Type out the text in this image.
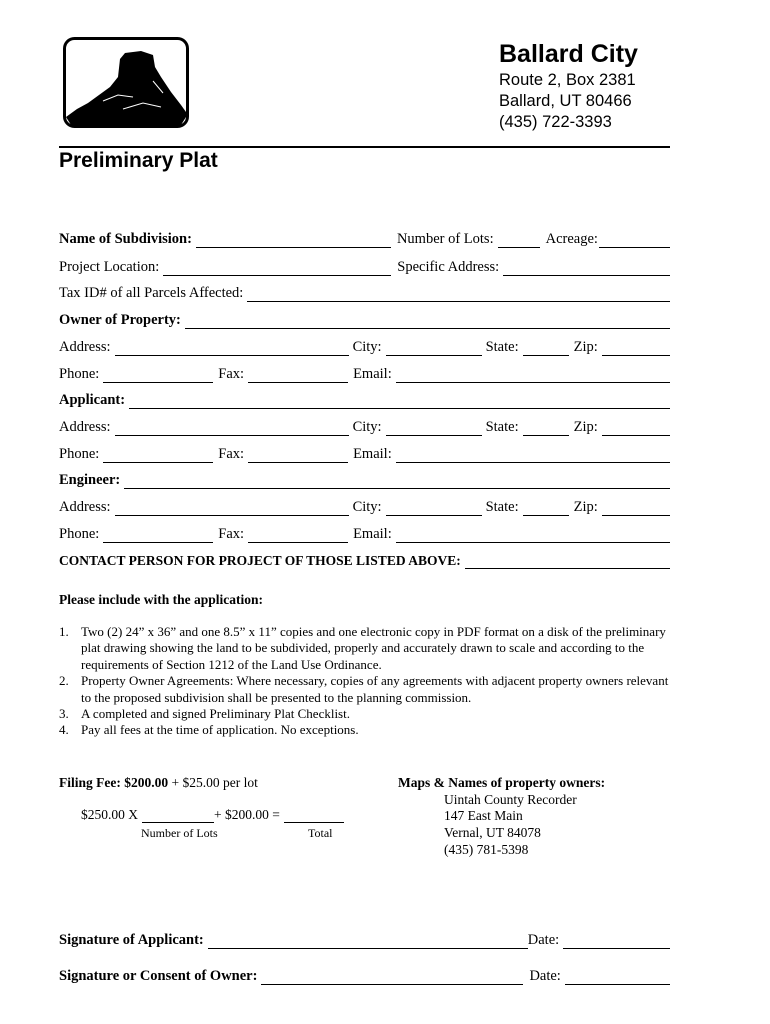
Ballard City
Route 2, Box 2381
Ballard, UT 80466
(435) 722-3393
Preliminary Plat
Name of Subdivision:	Number of Lots:	Acreage:
Project Location:	Specific Address:
Tax ID# of all Parcels Affected:
Owner of Property:
Address:	City:	State:	Zip:
Phone:	Fax:	Email:
Applicant:
Address:	City:	State:	Zip:
Phone:	Fax:	Email:
Engineer:
Address:	City:	State:	Zip:
Phone:	Fax:	Email:
CONTACT PERSON FOR PROJECT OF THOSE LISTED ABOVE:
Please include with the application:
1. Two (2) 24” x 36” and one 8.5” x 11” copies and one electronic copy in PDF format on a disk of the preliminary plat drawing showing the land to be subdivided, properly and accurately drawn to scale and according to the requirements of Section 1212 of the Land Use Ordinance.
2. Property Owner Agreements: Where necessary, copies of any agreements with adjacent property owners relevant to the proposed subdivision shall be presented to the planning commission.
3. A completed and signed Preliminary Plat Checklist.
4. Pay all fees at the time of application. No exceptions.
Filing Fee: $200.00 + $25.00 per lot
$250.00 X	+ $200.00 =
Number of Lots	Total
Maps & Names of property owners:
Uintah County Recorder
147 East Main
Vernal, UT 84078
(435) 781-5398
Signature of Applicant:	Date:
Signature or Consent of Owner:	Date:
